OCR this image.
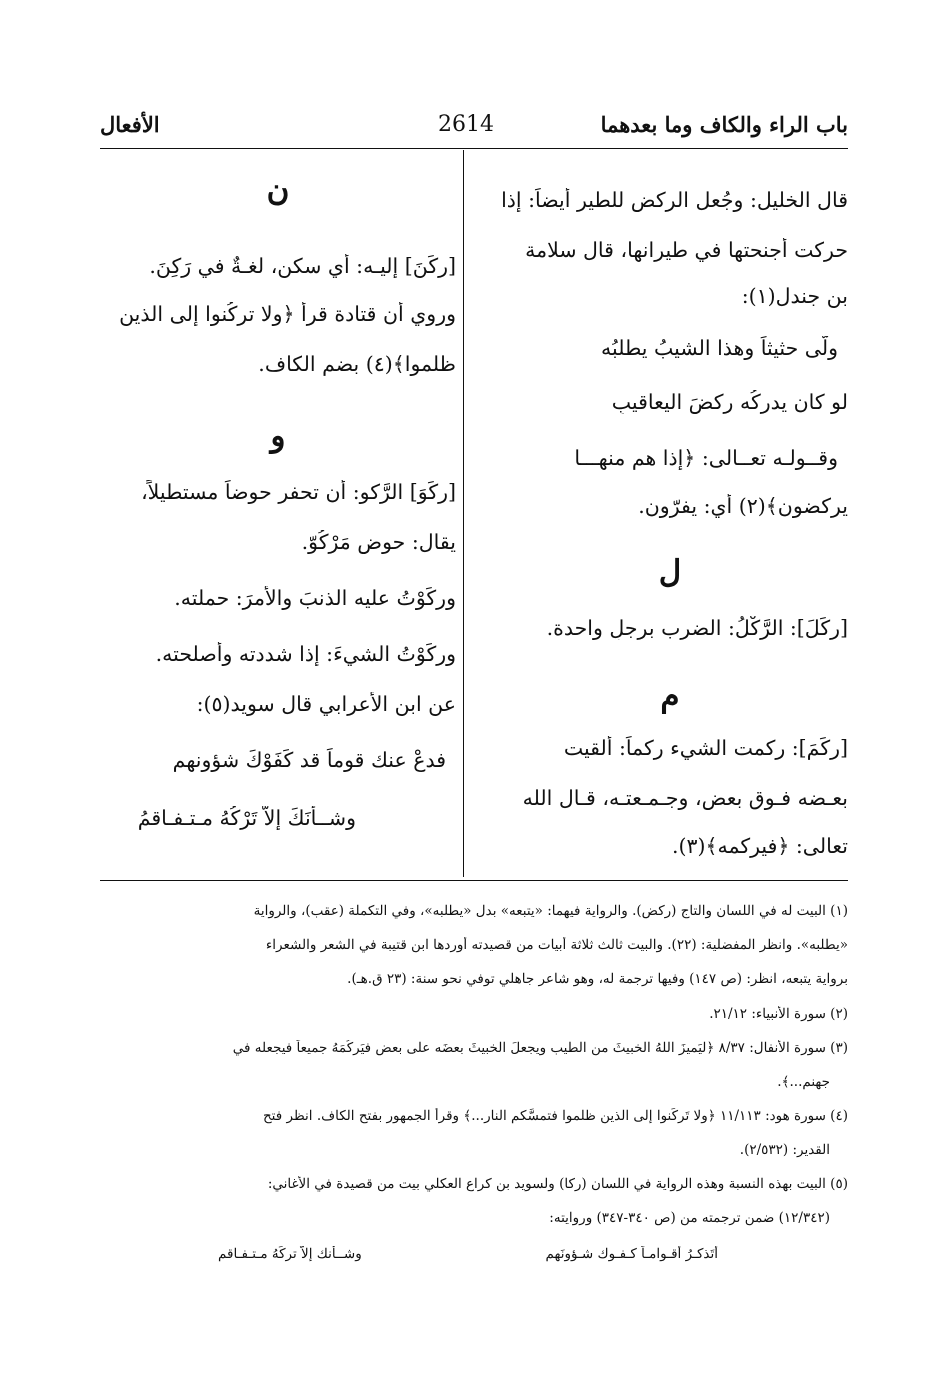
باب الراء والكاف وما بعدهما
2614
الأفعال
قال الخليل: وجُعل الركض للطير أيضاً: إذا
حركت أجنحتها في طيرانها، قال سلامة
بن جندل(١):
ولَّى حثيثاً وهذا الشيبُ يطلبُه
لو كان يدركُه ركضَ اليعاقيبِ
وقــولـه تعــالى: ﴿إذا هم منهـــا
يركضون﴾(٢) أي: يفرّون.
ل
[ركَلَ]: الرَّكْلُ: الضرب برجلٍ واحدة.
م
[ركَمَ]: ركمت الشيء ركماً: ألقيت
بعـضه فـوق بعض، وجـمـعتـه، قـال الله
تعالى: ﴿فيركمه﴾(٣).
ن
[ركَنَ] إليـه: أي سكن، لغـةٌ في رَكِنَ.
وروي أن قتادة قرأ ﴿ولا تركُنوا إلى الذين
ظلموا﴾(٤) بضم الكاف.
و
[ركَوَ] الرَّكو: أن تحفر حوضاً مستطيلاً،
يقال: حوض مَرْكُوّ.
وركَوْتُ عليه الذنبَ والأمرَ: حملته.
وركَوْتُ الشيءَ: إذا شددته وأصلحته.
عن ابن الأعرابي قال سويد(٥):
فدعْ عنك قوماً قد كَفَوْكَ شؤونهم
وشــأنَكَ إلاّ تَرْكُهُ مـتـفـاقمُ
(١) البيت له في اللسان والتاج (ركض). والرواية فيهما: «يتبعه» بدل «يطلبه»، وفي التكملة (عقب)، والرواية
«يطلبه». وانظر المفضلية: (٢٢). والبيت ثالث ثلاثة أبيات من قصيدته أوردها ابن قتيبة في الشعر والشعراء
برواية يتبعه، انظر: (ص ١٤٧) وفيها ترجمة له، وهو شاعر جاهلي توفي نحو سنة: (٢٣ ق.هـ).
(٢) سورة الأنبياء: ٢١/١٢.
(٣) سورة الأنفال: ٨/٣٧ ﴿ليَميزَ اللهُ الخبيثَ من الطيب ويجعلَ الخبيثَ بعضَه على بعضٍ فيَركُمَهُ جميعاً فيجعله في
جهنم...﴾.
(٤) سورة هود: ١١/١١٣ ﴿ولا تَركَنوا إلى الذين ظلموا فتمسَّكم النار...﴾ وقرأ الجمهور بفتح الكاف. انظر فتح
القدير: (٢/٥٣٢).
(٥) البيت بهذه النسبة وهذه الرواية في اللسان (ركا) ولسويد بن كراع العكلي بيت من قصيدة في الأغاني:
(١٢/٣٤٢) ضمن ترجمته من (ص ٣٤٠-٣٤٧) وروايته:
أتَذكـرُ أقـوامـاً كـفـوك شـؤونَهم
وشــأنك إلاّ تركَهُ مـتـفـاقم
